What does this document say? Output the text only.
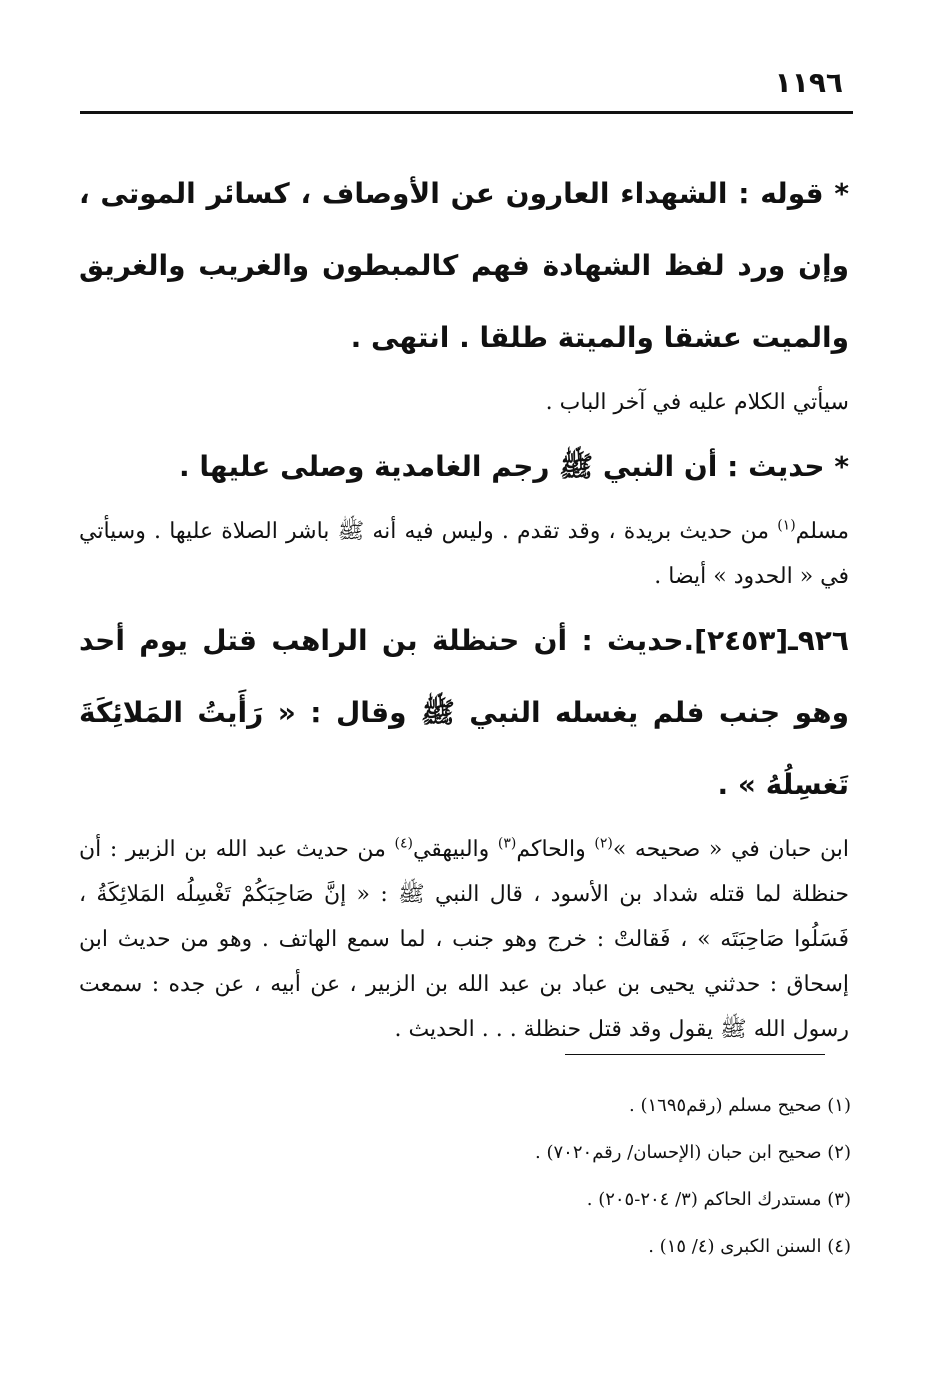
١١٩٦

* قوله : الشهداء العارون عن الأوصاف ، كسائر الموتى ، وإن ورد لفظ الشهادة فهم كالمبطون والغريب والغريق والميت عشقا والميتة طلقا . انتهى .

سيأتي الكلام عليه في آخر الباب .

* حديث : أن النبي ﷺ رجم الغامدية وصلى عليها .

مسلم$^{(١)}$ من حديث بريدة ، وقد تقدم . وليس فيه أنه ﷺ باشر الصلاة عليها . وسيأتي في « الحدود » أيضا .

٩٢٦ـ[٢٤٥٣].حديث : أن حنظلة بن الراهب قتل يوم أحد وهو جنب فلم يغسله النبي ﷺ وقال : « رَأَيتُ المَلائِكَةَ تَغسِلُهُ » .

ابن حبان في « صحيحه »$^{(٢)}$ والحاكم$^{(٣)}$ والبيهقي$^{(٤)}$ من حديث عبد الله بن الزبير : أن حنظلة لما قتله شداد بن الأسود ، قال النبي ﷺ : « إنَّ صَاحِبَكُمْ تَغْسِلُه المَلائِكَةُ ، فَسَلُوا صَاحِبَتَه » ، فَقالتْ : خرج وهو جنب ، لما سمع الهاتف . وهو من حديث ابن إسحاق : حدثني يحيى بن عباد بن عبد الله بن الزبير ، عن أبيه ، عن جده : سمعت رسول الله ﷺ يقول وقد قتل حنظلة . . . الحديث .

(١) صحيح مسلم (رقم١٦٩٥) .

(٢) صحيح ابن حبان (الإحسان/ رقم٧٠٢٠) .

(٣) مستدرك الحاكم (٣/ ٢٠٤-٢٠٥) .

(٤) السنن الكبرى (٤/ ١٥) .
